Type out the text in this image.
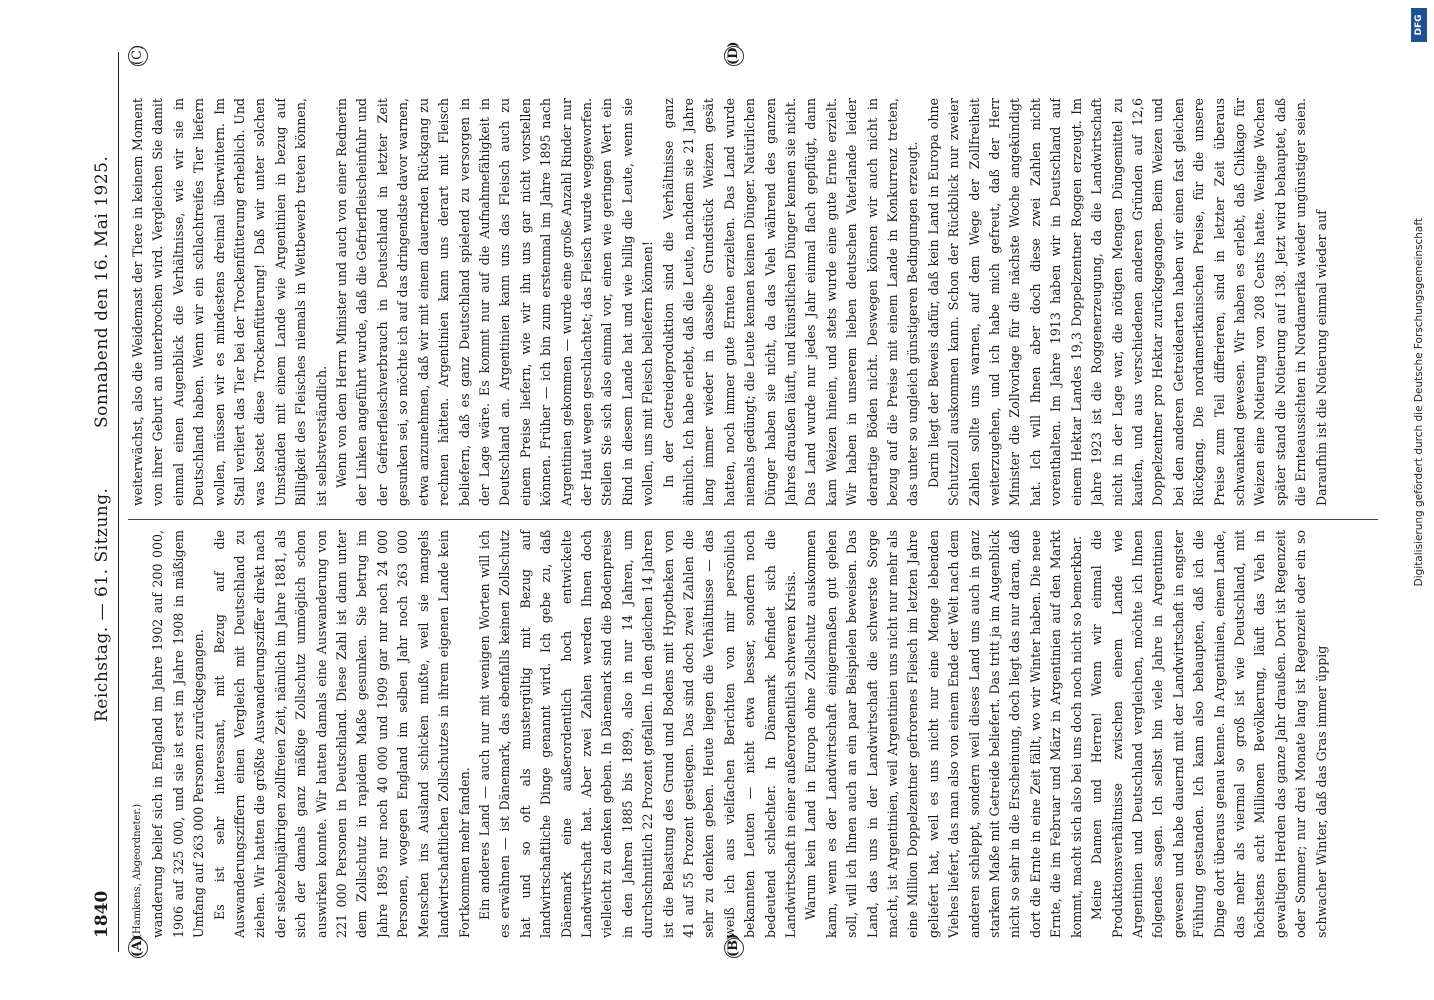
1840
Reichstag. — 61. Sitzung.
Sonnabend den 16. Mai 1925.
(A)	(B)
(C)	(D)

(Hamkens, Abgeordneter.) wanderung belief sich in England im Jahre 1902 auf 200 000, 1906 auf 325 000, und sie ist erst im Jahre 1908 in mäßigem Umfang auf 263 000 Personen zurückgegangen. Es ist sehr interessant, mit Bezug auf die Auswanderungsziffern einen Vergleich mit Deutschland zu ziehen. Wir hatten die größte Auswanderungsziffer direkt nach der siebzehnjährigen zollfreien Zeit, nämlich im Jahre 1881, als sich der damals ganz mäßige Zollschutz unmöglich schon auswirken konnte. Wir hatten damals eine Auswanderung von 221 000 Personen in Deutschland. Diese Zahl ist dann unter dem Zollschutz in rapidem Maße gesunken. Sie betrug im Jahre 1895 nur noch 40 000 und 1909 gar nur noch 24 000 Personen, wogegen England im selben Jahr noch 263 000 Menschen ins Ausland schicken mußte, weil sie mangels landwirtschaftlichen Zollschutzes in ihrem eigenen Lande kein Fortkommen mehr fanden. Ein anderes Land — auch nur mit wenigen Worten will ich es erwähnen — ist Dänemark, das ebenfalls keinen Zollschutz hat und so oft als mustergültig mit Bezug auf landwirtschaftliche Dinge genannt wird. Ich gebe zu, daß Dänemark eine außerordentlich hoch entwickelte Landwirtschaft hat. Aber zwei Zahlen werden Ihnen doch vielleicht zu denken geben. In Dänemark sind die Bodenpreise in den Jahren 1885 bis 1899, also in nur 14 Jahren, um durchschnittlich 22 Prozent gefallen. In den gleichen 14 Jahren ist die Belastung des Grund und Bodens mit Hypotheken von 41 auf 55 Prozent gestiegen. Das sind doch zwei Zahlen die sehr zu denken geben. Heute liegen die Verhältnisse — das weiß ich aus vielfachen Berichten von mir persönlich bekannten Leuten — nicht etwa besser, sondern noch bedeutend schlechter. In Dänemark befindet sich die Landwirtschaft in einer außerordentlich schweren Krisis. Warum kein Land in Europa ohne Zollschutz auskommen kann, wenn es der Landwirtschaft einigermaßen gut gehen soll, will ich Ihnen auch an ein paar Beispielen beweisen. Das Land, das uns in der Landwirtschaft die schwerste Sorge macht, ist Argentinien, weil Argentinien uns nicht nur mehr als eine Million Doppelzentner gefrorenes Fleisch im letzten Jahre geliefert hat, weil es uns nicht nur eine Menge lebenden Viehes liefert, das man also von einem Ende der Welt nach dem anderen schleppt, sondern weil dieses Land uns auch in ganz starkem Maße mit Getreide beliefert. Das tritt ja im Augenblick nicht so sehr in die Erscheinung, doch liegt das nur daran, daß dort die Ernte in eine Zeit fällt, wo wir Winter haben. Die neue Ernte, die im Februar und März in Argentinien auf den Markt kommt, macht sich also bei uns doch noch nicht so bemerkbar. Meine Damen und Herren! Wenn wir einmal die Produktionsverhältnisse zwischen einem Lande wie Argentinien und Deutschland vergleichen, möchte ich Ihnen folgendes sagen. Ich selbst bin viele Jahre in Argentinien gewesen und habe dauernd mit der Landwirtschaft in engster Fühlung gestanden. Ich kann also behaupten, daß ich die Dinge dort überaus genau kenne. In Argentinien, einem Lande, das mehr als viermal so groß ist wie Deutschland, mit höchstens acht Millionen Bevölkerung, läuft das Vieh in gewaltigen Herden das ganze Jahr draußen. Dort ist Regenzeit oder Sommer; nur drei Monate lang ist Regenzeit oder ein so schwacher Winter, daß das Gras immer üppig

weiterwächst, also die Weidemast der Tiere in keinem Moment von ihrer Geburt an unterbrochen wird. Vergleichen Sie damit einmal einen Augenblick die Verhältnisse, wie wir sie in Deutschland haben. Wenn wir ein schlachtreifes Tier liefern wollen, müssen wir es mindestens dreimal überwintern. Im Stall verliert das Tier bei der Trockenfütterung erheblich. Und was kostet diese Trockenfütterung! Daß wir unter solchen Umständen mit einem Lande wie Argentinien in bezug auf Billigkeit des Fleisches niemals in Wettbewerb treten können, ist selbstverständlich. Wenn von dem Herrn Minister und auch von einer Rednerin der Linken angeführt wurde, daß die Gefrierfleischeinfuhr und der Gefrierfleischverbrauch in Deutschland in letzter Zeit gesunken sei, so möchte ich auf das dringendste davor warnen, etwa anzunehmen, daß wir mit einem dauernden Rückgang zu rechnen hätten. Argentinien kann uns derart mit Fleisch beliefern, daß es ganz Deutschland spielend zu versorgen in der Lage wäre. Es kommt nur auf die Aufnahmefähigkeit in Deutschland an. Argentinien kann uns das Fleisch auch zu einem Preise liefern, wie wir ihn uns gar nicht vorstellen können. Früher — ich bin zum erstenmal im Jahre 1895 nach Argentinien gekommen — wurde eine große Anzahl Rinder nur der Haut wegen geschlachtet; das Fleisch wurde weggeworfen. Stellen Sie sich also einmal vor, einen wie geringen Wert ein Rind in diesem Lande hat und wie billig die Leute, wenn sie wollen, uns mit Fleisch beliefern können! In der Getreideproduktion sind die Verhältnisse ganz ähnlich. Ich habe erlebt, daß die Leute, nachdem sie 21 Jahre lang immer wieder in dasselbe Grundstück Weizen gesät hatten, noch immer gute Ernten erzielten. Das Land wurde niemals gedüngt; die Leute kennen keinen Dünger. Natürlichen Dünger haben sie nicht, da das Vieh während des ganzen Jahres draußen läuft, und künstlichen Dünger kennen sie nicht. Das Land wurde nur jedes Jahr einmal flach gepflügt, dann kam Weizen hinein, und stets wurde eine gute Ernte erzielt. Wir haben in unserem lieben deutschen Vaterlande leider derartige Böden nicht. Deswegen können wir auch nicht in bezug auf die Preise mit einem Lande in Konkurrenz treten, das unter so ungleich günstigeren Bedingungen erzeugt. Darin liegt der Beweis dafür, daß kein Land in Europa ohne Schutzzoll auskommen kann. Schon der Rückblick nur zweier Zahlen sollte uns warnen, auf dem Wege der Zollfreiheit weiterzugehen, und ich habe mich gefreut, daß der Herr Minister die Zollvorlage für die nächste Woche angekündigt hat. Ich will Ihnen aber doch diese zwei Zahlen nicht vorenthalten. Im Jahre 1913 haben wir in Deutschland auf einem Hektar Landes 19,3 Doppelzentner Roggen erzeugt. Im Jahre 1923 ist die Roggenerzeugung, da die Landwirtschaft nicht in der Lage war, die nötigen Mengen Düngemittel zu kaufen, und aus verschiedenen anderen Gründen auf 12,6 Doppelzentner pro Hektar zurückgegangen. Beim Weizen und bei den anderen Getreidearten haben wir einen fast gleichen Rückgang. Die nordamerikanischen Preise, für die unsere Preise zum Teil differieren, sind in letzter Zeit überaus schwankend gewesen. Wir haben es erlebt, daß Chikago für Weizen eine Notierung von 208 Cents hatte. Wenige Wochen später stand die Notierung auf 138. Jetzt wird behauptet, daß die Ernteaussichten in Nordamerika wieder ungünstiger seien. Daraufhin ist die Notierung einmal wieder auf

DFG
Digitalisierung gefördert durch die Deutsche Forschungsgemeinschaft
